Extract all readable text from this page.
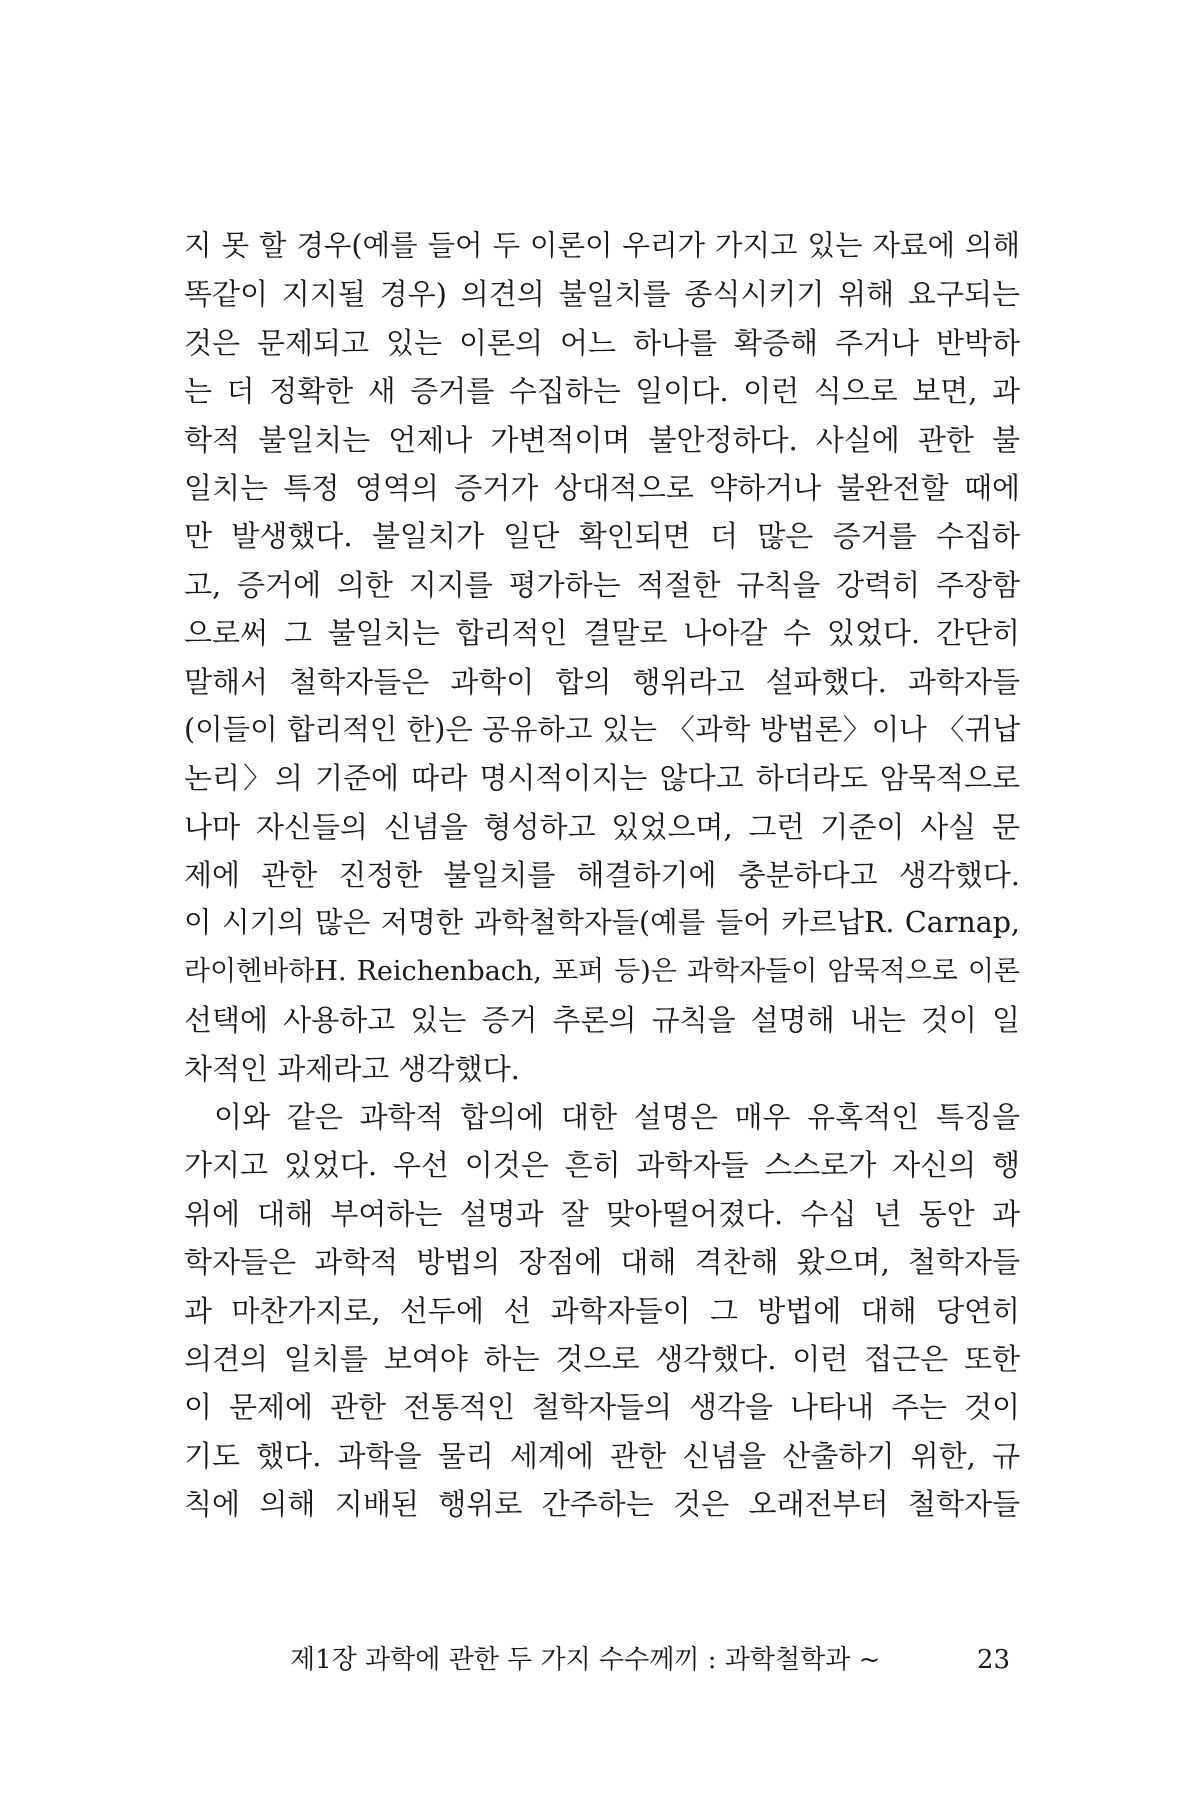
지 못 할 경우(예를 들어 두 이론이 우리가 가지고 있는 자료에 의해
똑같이 지지될 경우) 의견의 불일치를 종식시키기 위해 요구되는
것은 문제되고 있는 이론의 어느 하나를 확증해 주거나 반박하
는 더 정확한 새 증거를 수집하는 일이다. 이런 식으로 보면, 과
학적 불일치는 언제나 가변적이며 불안정하다. 사실에 관한 불
일치는 특정 영역의 증거가 상대적으로 약하거나 불완전할 때에
만 발생했다. 불일치가 일단 확인되면 더 많은 증거를 수집하
고, 증거에 의한 지지를 평가하는 적절한 규칙을 강력히 주장함
으로써 그 불일치는 합리적인 결말로 나아갈 수 있었다. 간단히
말해서 철학자들은 과학이 합의 행위라고 설파했다. 과학자들
(이들이 합리적인 한)은 공유하고 있는 〈과학 방법론〉이나 〈귀납
논리〉의 기준에 따라 명시적이지는 않다고 하더라도 암묵적으로
나마 자신들의 신념을 형성하고 있었으며, 그런 기준이 사실 문
제에 관한 진정한 불일치를 해결하기에 충분하다고 생각했다.
이 시기의 많은 저명한 과학철학자들(예를 들어 카르납R. Carnap,
라이헨바하H. Reichenbach, 포퍼 등)은 과학자들이 암묵적으로 이론
선택에 사용하고 있는 증거 추론의 규칙을 설명해 내는 것이 일
차적인 과제라고 생각했다.
이와 같은 과학적 합의에 대한 설명은 매우 유혹적인 특징을
가지고 있었다. 우선 이것은 흔히 과학자들 스스로가 자신의 행
위에 대해 부여하는 설명과 잘 맞아떨어졌다. 수십 년 동안 과
학자들은 과학적 방법의 장점에 대해 격찬해 왔으며, 철학자들
과 마찬가지로, 선두에 선 과학자들이 그 방법에 대해 당연히
의견의 일치를 보여야 하는 것으로 생각했다. 이런 접근은 또한
이 문제에 관한 전통적인 철학자들의 생각을 나타내 주는 것이
기도 했다. 과학을 물리 세계에 관한 신념을 산출하기 위한, 규
칙에 의해 지배된 행위로 간주하는 것은 오래전부터 철학자들
제1장 과학에 관한 두 가지 수수께끼 : 과학철학과 ~	23
